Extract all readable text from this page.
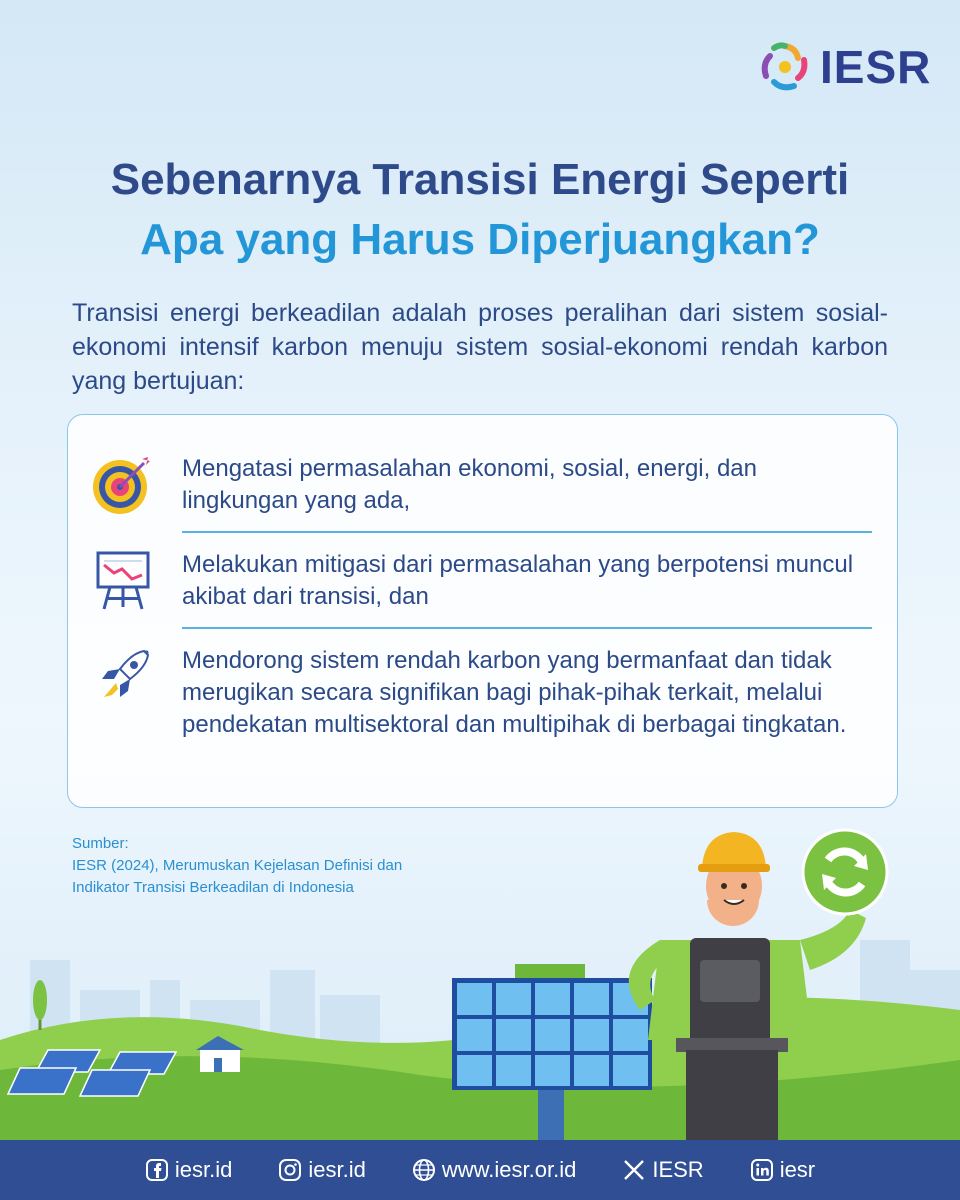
IESR
Sebenarnya Transisi Energi Seperti
Apa yang Harus Diperjuangkan?

Transisi energi berkeadilan adalah proses peralihan dari sistem sosial-ekonomi intensif karbon menuju sistem sosial-ekonomi rendah karbon yang bertujuan:

Mengatasi permasalahan ekonomi, sosial, energi, dan lingkungan yang ada,
Melakukan mitigasi dari permasalahan yang berpotensi muncul akibat dari transisi, dan
Mendorong sistem rendah karbon yang bermanfaat dan tidak merugikan secara signifikan bagi pihak-pihak terkait, melalui pendekatan multisektoral dan multipihak di berbagai tingkatan.
Sumber:
IESR (2024), Merumuskan Kejelasan Definisi dan
Indikator Transisi Berkeadilan di Indonesia
iesr.id	iesr.id	www.iesr.or.id	IESR	iesr
